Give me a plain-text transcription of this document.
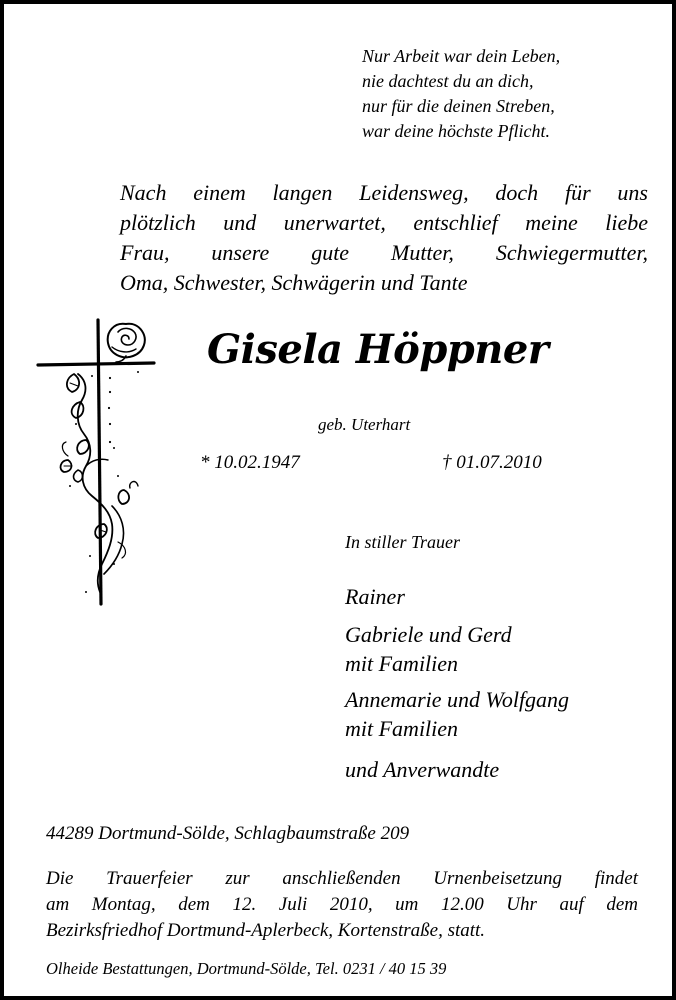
Nur Arbeit war dein Leben,
nie dachtest du an dich,
nur für die deinen Streben,
war deine höchste Pflicht.
Nach einem langen Leidensweg, doch für uns
plötzlich und unerwartet, entschlief meine liebe
Frau, unsere gute Mutter, Schwiegermutter,
Oma, Schwester, Schwägerin und Tante
Gisela Höppner
geb. Uterhart
* 10.02.1947	† 01.07.2010
In stiller Trauer
Rainer
Gabriele und Gerd
mit Familien
Annemarie und Wolfgang
mit Familien
und Anverwandte
44289 Dortmund-Sölde, Schlagbaumstraße 209
Die Trauerfeier zur anschließenden Urnenbeisetzung findet
am Montag, dem 12. Juli 2010, um 12.00 Uhr auf dem
Bezirksfriedhof Dortmund-Aplerbeck, Kortenstraße, statt.
Olheide Bestattungen, Dortmund-Sölde, Tel. 0231 / 40 15 39
